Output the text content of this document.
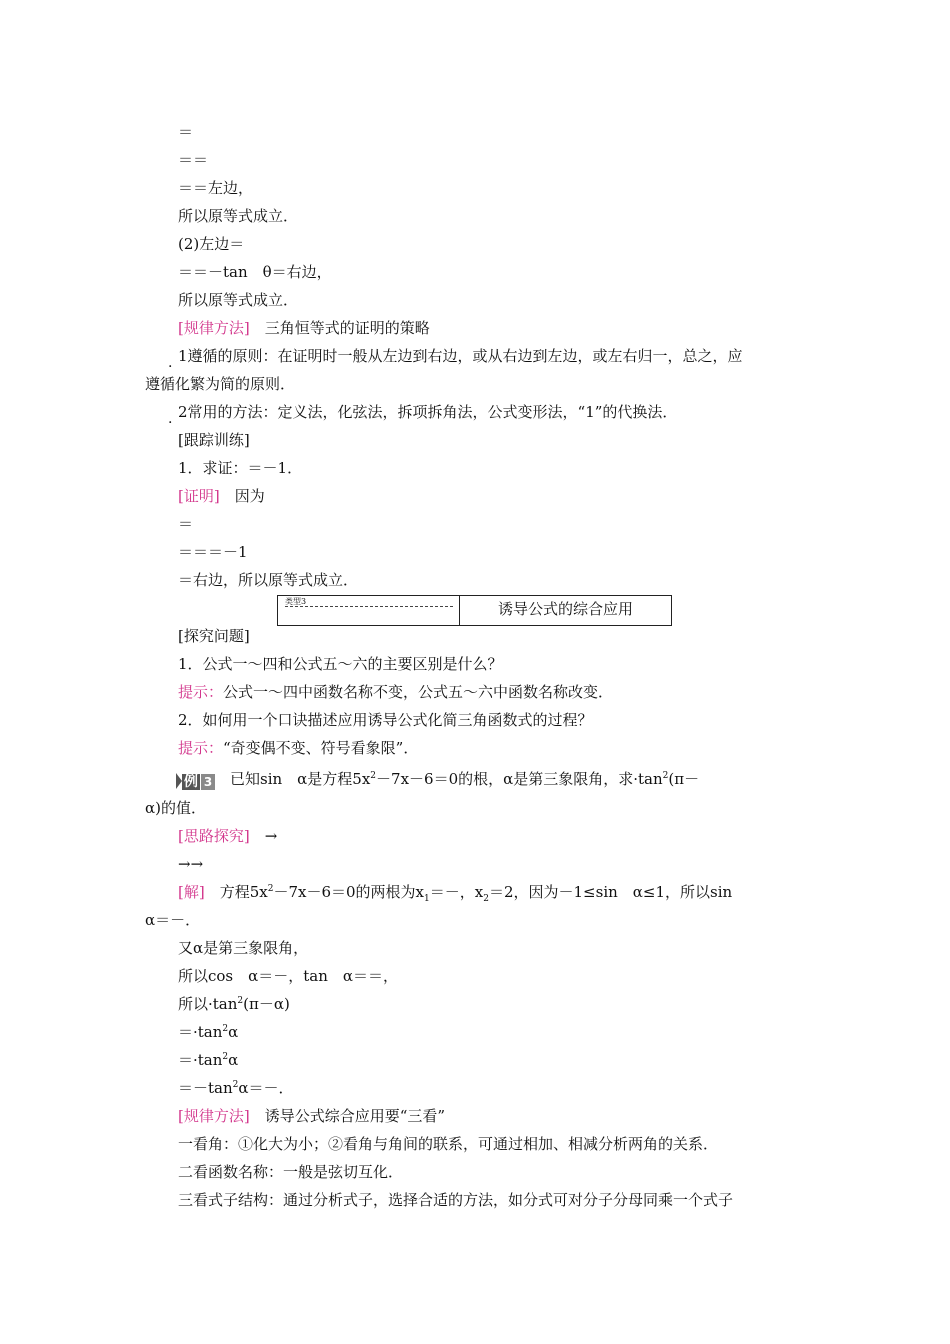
＝
＝＝
＝＝左边，
所以原等式成立．
(2)左边＝
＝＝－tan　θ＝右边，
所以原等式成立．
[规律方法]　三角恒等式的证明的策略
. 1遵循的原则：在证明时一般从左边到右边，或从右边到左边，或左右归一，总之，应
遵循化繁为简的原则．
. 2常用的方法：定义法，化弦法，拆项拆角法，公式变形法，“1”的代换法．
[跟踪训练]
1．求证：＝－1．
[证明]　因为
＝
＝＝＝－1
＝右边，所以原等式成立．
类型3	诱导公式的综合应用
[探究问题]
1．公式一～四和公式五～六的主要区别是什么？
提示：公式一～四中函数名称不变，公式五～六中函数名称改变．
2．如何用一个口诀描述应用诱导公式化简三角函数式的过程？
提示：“奇变偶不变、符号看象限”．
例 3　已知sin　α是方程$5x^2-7x-6=0$的根，α是第三象限角，求$\cdot\tan^2(\pi-$
α)的值．
[思路探究]　→
→→
[解]　方程$5x^2-7x-6=0$的两根为$x_1=-$，$x_2=2$，因为－1≤sin　α≤1，所以sin
α＝－．
又α是第三象限角，
所以cos　α＝－，tan　α＝＝，
所以$\cdot\tan^2(\pi-\alpha)$
$=\cdot\tan^2\alpha$
$=\cdot\tan^2\alpha$
$=-\tan^2\alpha=-$．
[规律方法]　诱导公式综合应用要“三看”
一看角：①化大为小；②看角与角间的联系，可通过相加、相减分析两角的关系．
二看函数名称：一般是弦切互化．
三看式子结构：通过分析式子，选择合适的方法，如分式可对分子分母同乘一个式子
